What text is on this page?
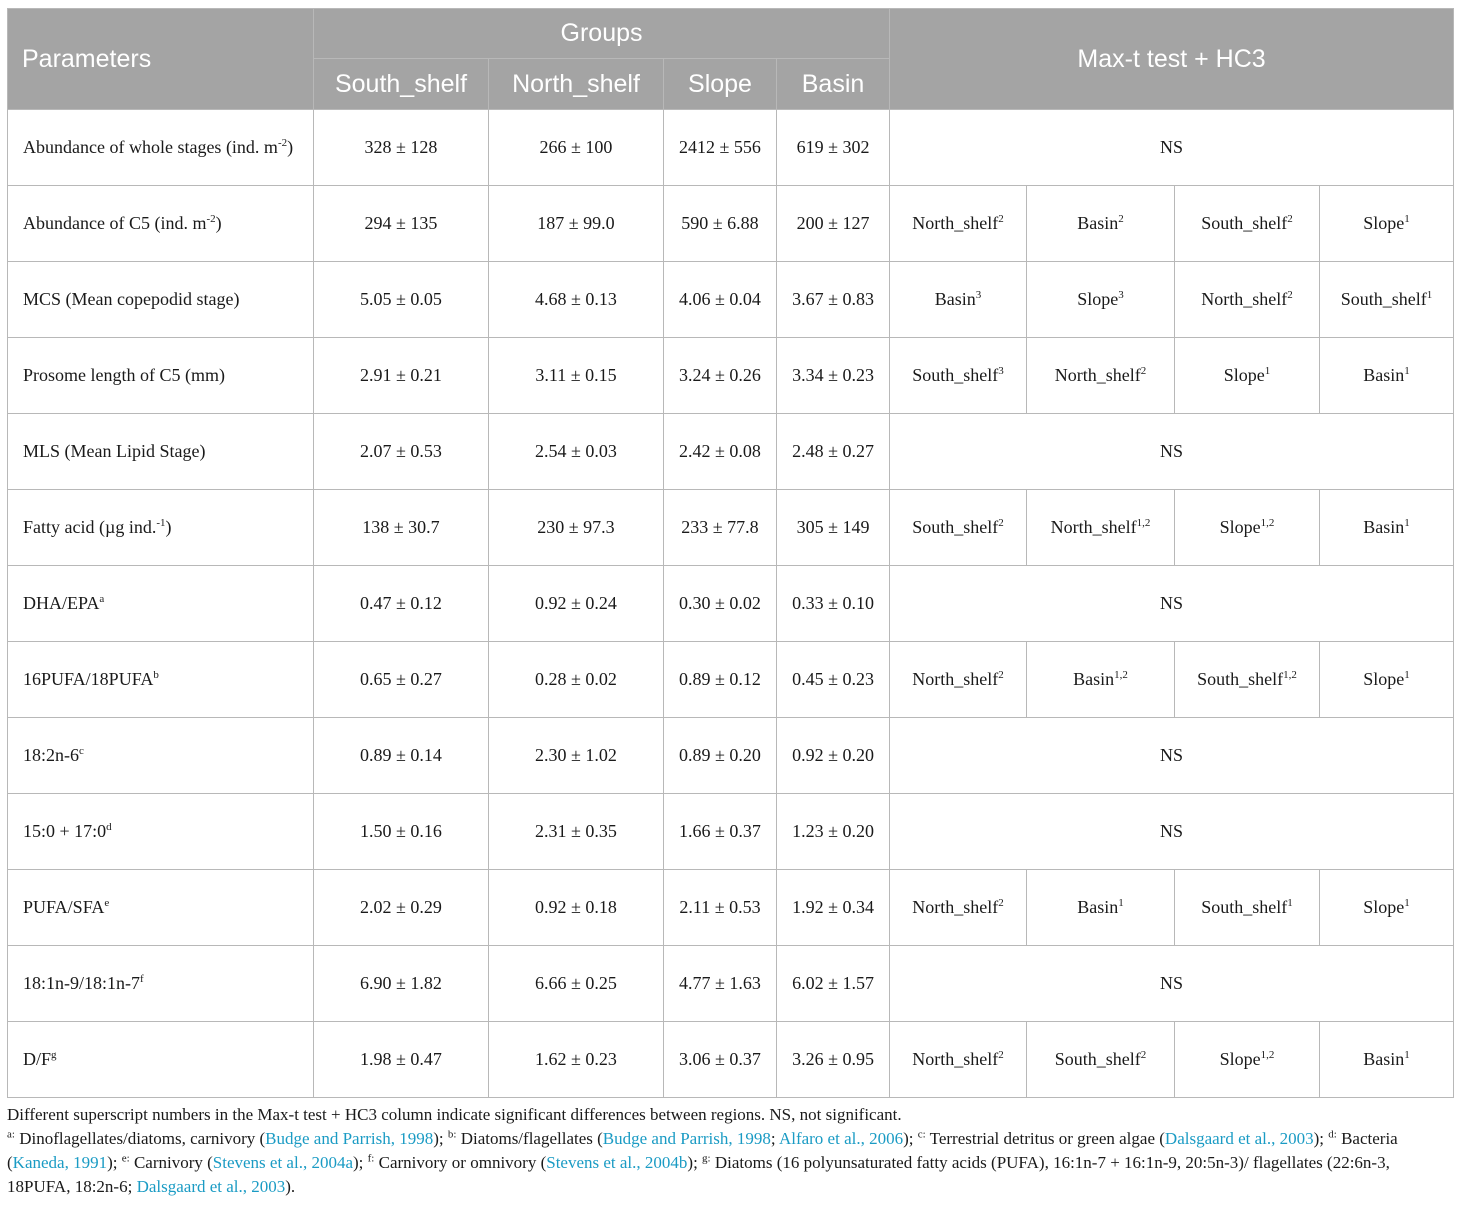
Parameters	Groups				Max-t test + HC3			
	South_shelf	North_shelf	Slope	Basin				
Abundance of whole stages (ind. $m^{-2}$)	328 ± 128	266 ± 100	2412 ± 556	619 ± 302	NS			
Abundance of C5 (ind. $m^{-2}$)	294 ± 135	187 ± 99.0	590 ± 6.88	200 ± 127	North_shelf$^2$	Basin$^2$	South_shelf$^2$	Slope$^1$
MCS (Mean copepodid stage)	5.05 ± 0.05	4.68 ± 0.13	4.06 ± 0.04	3.67 ± 0.83	Basin$^3$	Slope$^3$	North_shelf$^2$	South_shelf$^1$
Prosome length of C5 (mm)	2.91 ± 0.21	3.11 ± 0.15	3.24 ± 0.26	3.34 ± 0.23	South_shelf$^3$	North_shelf$^2$	Slope$^1$	Basin$^1$
MLS (Mean Lipid Stage)	2.07 ± 0.53	2.54 ± 0.03	2.42 ± 0.08	2.48 ± 0.27	NS			
Fatty acid (µg ind.$^{-1}$)	138 ± 30.7	230 ± 97.3	233 ± 77.8	305 ± 149	South_shelf$^2$	North_shelf$^{1,2}$	Slope$^{1,2}$	Basin$^1$
DHA/EPA$^a$	0.47 ± 0.12	0.92 ± 0.24	0.30 ± 0.02	0.33 ± 0.10	NS			
16PUFA/18PUFA$^b$	0.65 ± 0.27	0.28 ± 0.02	0.89 ± 0.12	0.45 ± 0.23	North_shelf$^2$	Basin$^{1,2}$	South_shelf$^{1,2}$	Slope$^1$
18:2n-6$^c$	0.89 ± 0.14	2.30 ± 1.02	0.89 ± 0.20	0.92 ± 0.20	NS			
15:0 + $17:0^d$	1.50 ± 0.16	2.31 ± 0.35	1.66 ± 0.37	1.23 ± 0.20	NS			
PUFA/SFA$^e$	2.02 ± 0.29	0.92 ± 0.18	2.11 ± 0.53	1.92 ± 0.34	North_shelf$^2$	Basin$^1$	South_shelf$^1$	Slope$^1$
18:1n-9/18:1n-7$^f$	6.90 ± 1.82	6.66 ± 0.25	4.77 ± 1.63	6.02 ± 1.57	NS			
$D/F^g$	1.98 ± 0.47	1.62 ± 0.23	3.06 ± 0.37	3.26 ± 0.95	North_shelf$^2$	South_shelf$^2$	Slope$^{1,2}$	Basin$^1$
Different superscript numbers in the Max-t test + HC3 column indicate significant differences between regions. NS, not significant.
$^{a:}$ Dinoflagellates/diatoms, carnivory (Budge and Parrish, 1998); $^{b:}$ Diatoms/flagellates (Budge and Parrish, 1998; Alfaro et al., 2006); $^{c:}$ Terrestrial detritus or green algae (Dalsgaard et al., 2003); $^{d:}$ Bacteria (Kaneda, 1991); $^{e:}$ Carnivory (Stevens et al., 2004a); $^{f:}$ Carnivory or omnivory (Stevens et al., 2004b); $^{g:}$ Diatoms (16 polyunsaturated fatty acids (PUFA), 16:1n-7 + 16:1n-9, 20:5n-3)/ flagellates (22:6n-3, 18PUFA, 18:2n-6; Dalsgaard et al., 2003).
